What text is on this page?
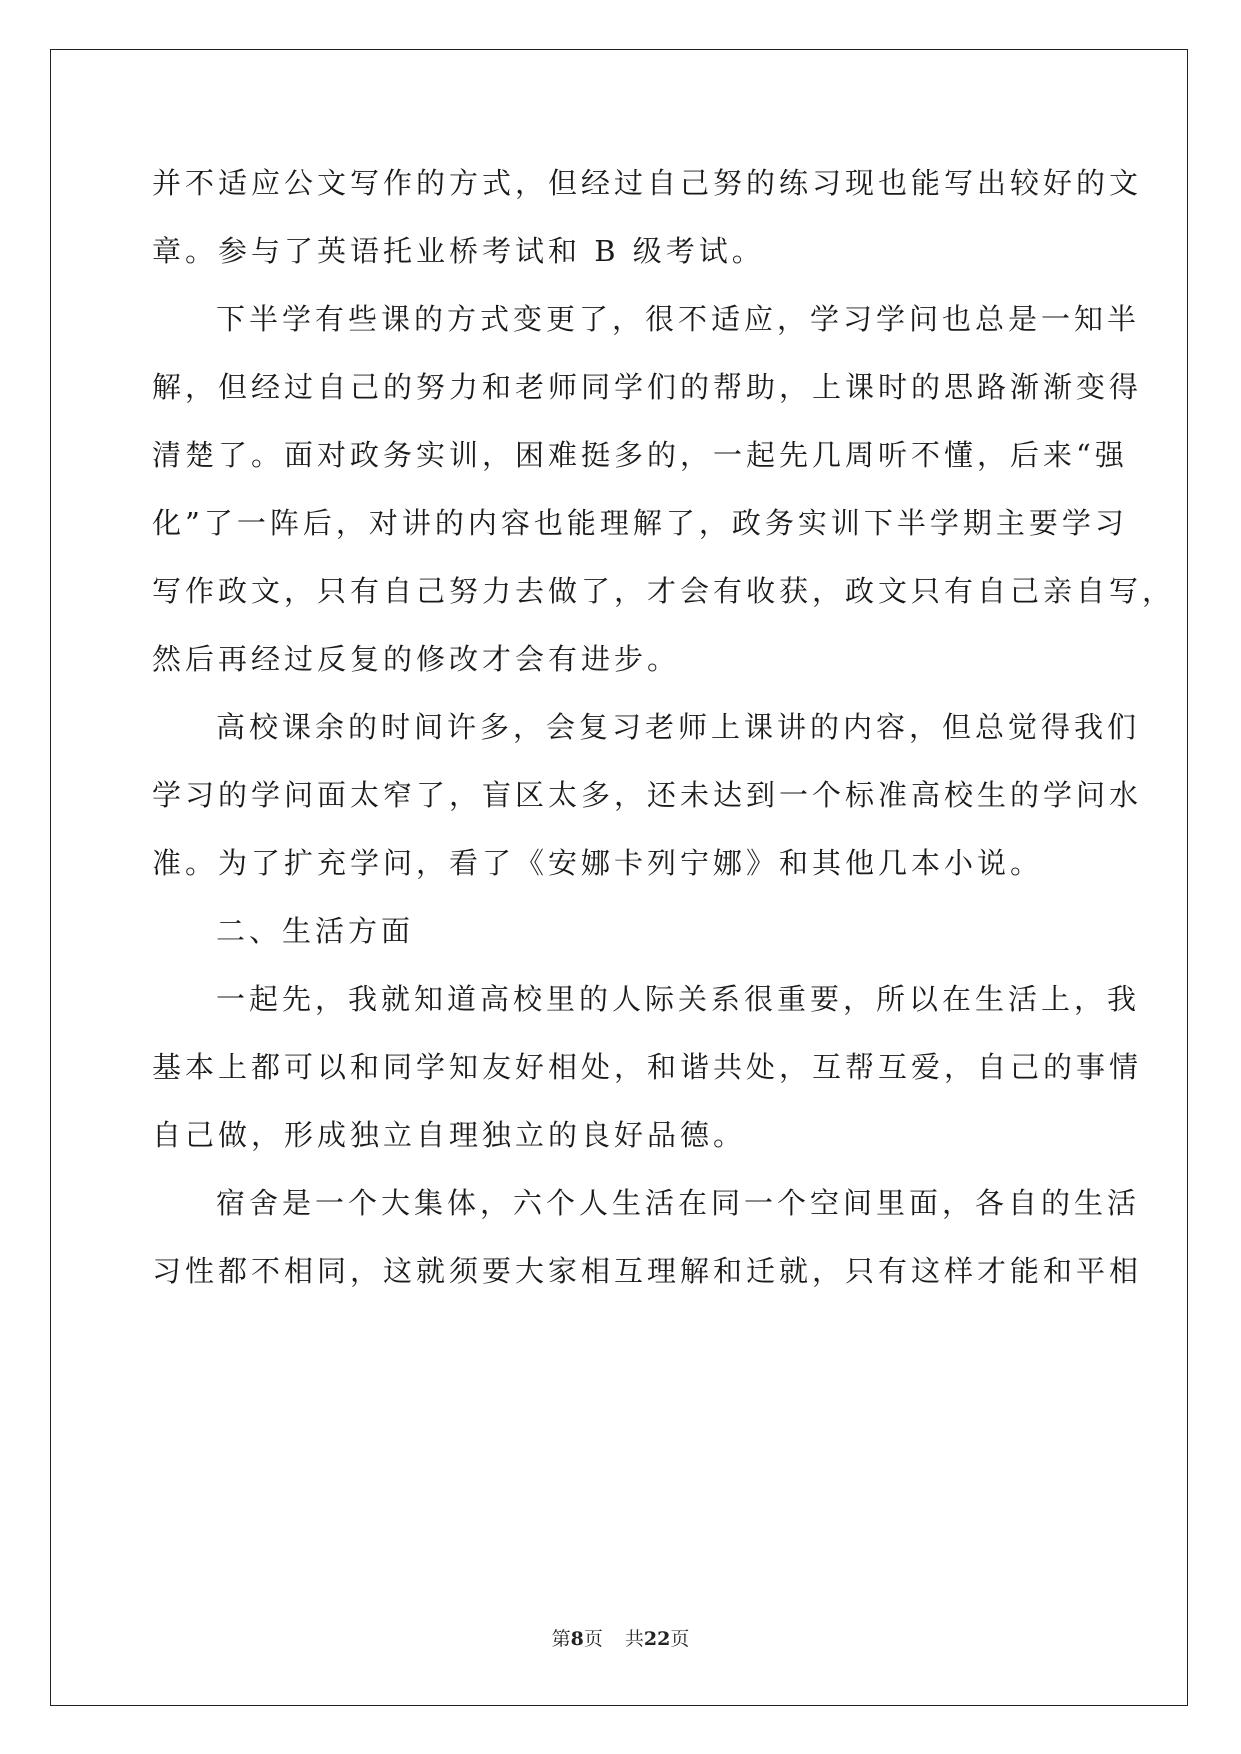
并不适应公文写作的方式，但经过自己努的练习现也能写出较好的文
章。参与了英语托业桥考试和 B 级考试。
下半学有些课的方式变更了，很不适应，学习学问也总是一知半
解，但经过自己的努力和老师同学们的帮助，上课时的思路渐渐变得
清楚了。面对政务实训，困难挺多的，一起先几周听不懂，后来“强
化”了一阵后，对讲的内容也能理解了，政务实训下半学期主要学习
写作政文，只有自己努力去做了，才会有收获，政文只有自己亲自写，
然后再经过反复的修改才会有进步。
高校课余的时间许多，会复习老师上课讲的内容，但总觉得我们
学习的学问面太窄了，盲区太多，还未达到一个标准高校生的学问水
准。为了扩充学问，看了《安娜卡列宁娜》和其他几本小说。
二、生活方面
一起先，我就知道高校里的人际关系很重要，所以在生活上，我
基本上都可以和同学知友好相处，和谐共处，互帮互爱，自己的事情
自己做，形成独立自理独立的良好品德。
宿舍是一个大集体，六个人生活在同一个空间里面，各自的生活
习性都不相同，这就须要大家相互理解和迁就，只有这样才能和平相
第8页 共22页
